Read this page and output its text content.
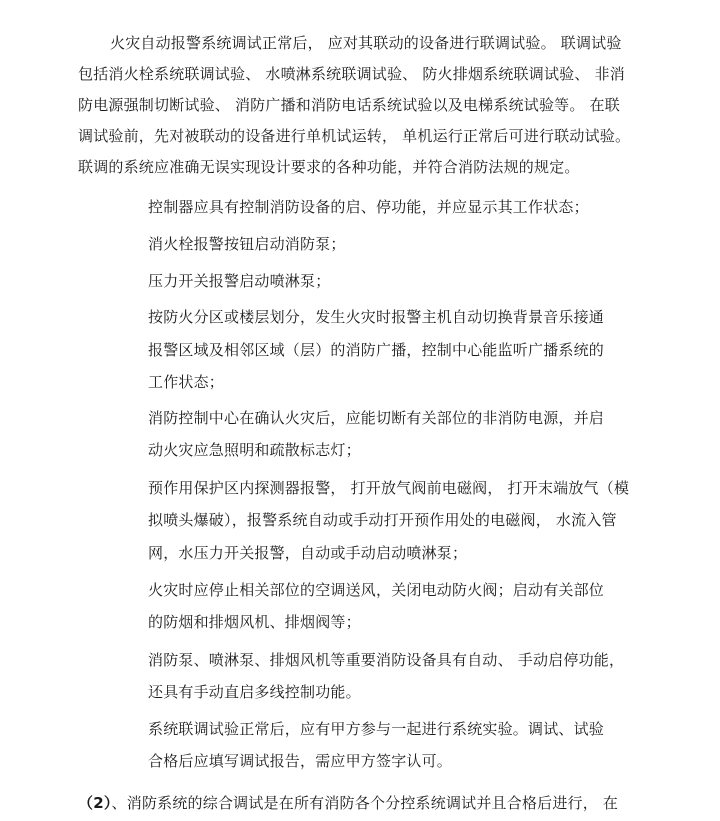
火灾自动报警系统调试正常后， 应对其联动的设备进行联调试验。 联调试验
包括消火栓系统联调试验、 水喷淋系统联调试验、 防火排烟系统联调试验、 非消
防电源强制切断试验、 消防广播和消防电话系统试验以及电梯系统试验等。 在联
调试验前，先对被联动的设备进行单机试运转， 单机运行正常后可进行联动试验。
联调的系统应准确无误实现设计要求的各种功能，并符合消防法规的规定。
控制器应具有控制消防设备的启、停功能，并应显示其工作状态；
消火栓报警按钮启动消防泵；
压力开关报警启动喷淋泵；
按防火分区或楼层划分，发生火灾时报警主机自动切换背景音乐接通
报警区域及相邻区域（层）的消防广播，控制中心能监听广播系统的
工作状态；
消防控制中心在确认火灾后，应能切断有关部位的非消防电源，并启
动火灾应急照明和疏散标志灯；
预作用保护区内探测器报警， 打开放气阀前电磁阀， 打开末端放气（模
拟喷头爆破），报警系统自动或手动打开预作用处的电磁阀， 水流入管
网，水压力开关报警，自动或手动启动喷淋泵；
火灾时应停止相关部位的空调送风，关闭电动防火阀；启动有关部位
的防烟和排烟风机、排烟阀等；
消防泵、喷淋泵、排烟风机等重要消防设备具有自动、 手动启停功能，
还具有手动直启多线控制功能。
系统联调试验正常后，应有甲方参与一起进行系统实验。调试、试验
合格后应填写调试报告，需应甲方签字认可。
（2）、消防系统的综合调试是在所有消防各个分控系统调试并且合格后进行， 在
